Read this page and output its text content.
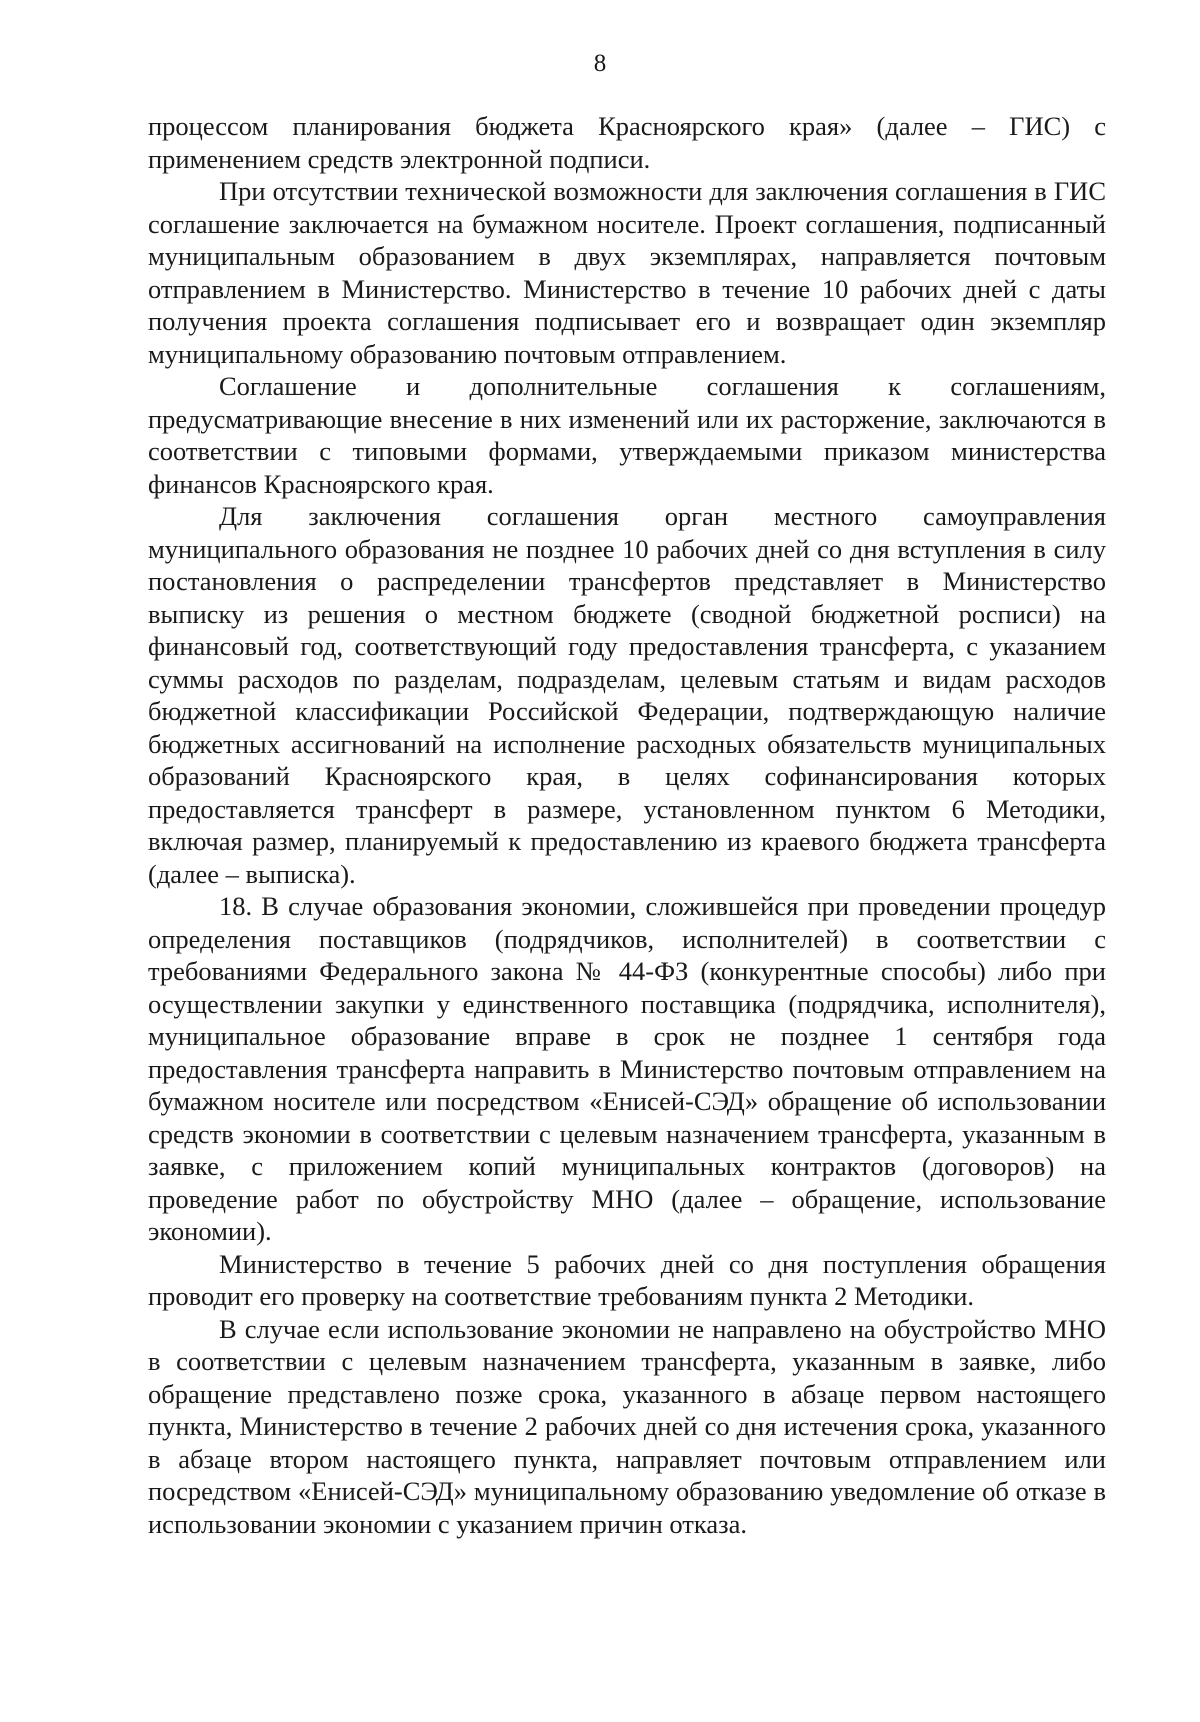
8

процессом планирования бюджета Красноярского края» (далее – ГИС) с применением средств электронной подписи.

При отсутствии технической возможности для заключения соглашения в ГИС соглашение заключается на бумажном носителе. Проект соглашения, подписанный муниципальным образованием в двух экземплярах, направляется почтовым отправлением в Министерство. Министерство в течение 10 рабочих дней с даты получения проекта соглашения подписывает его и возвращает один экземпляр муниципальному образованию почтовым отправлением.

Соглашение и дополнительные соглашения к соглашениям, предусматривающие внесение в них изменений или их расторжение, заключаются в соответствии с типовыми формами, утверждаемыми приказом министерства финансов Красноярского края.

Для заключения соглашения орган местного самоуправления муниципального образования не позднее 10 рабочих дней со дня вступления в силу постановления о распределении трансфертов представляет в Министерство выписку из решения о местном бюджете (сводной бюджетной росписи) на финансовый год, соответствующий году предоставления трансферта, с указанием суммы расходов по разделам, подразделам, целевым статьям и видам расходов бюджетной классификации Российской Федерации, подтверждающую наличие бюджетных ассигнований на исполнение расходных обязательств муниципальных образований Красноярского края, в целях софинансирования которых предоставляется трансферт в размере, установленном пунктом 6 Методики, включая размер, планируемый к предоставлению из краевого бюджета трансферта (далее – выписка).

18. В случае образования экономии, сложившейся при проведении процедур определения поставщиков (подрядчиков, исполнителей) в соответствии с требованиями Федерального закона № 44-ФЗ (конкурентные способы) либо при осуществлении закупки у единственного поставщика (подрядчика, исполнителя), муниципальное образование вправе в срок не позднее 1 сентября года предоставления трансферта направить в Министерство почтовым отправлением на бумажном носителе или посредством «Енисей-СЭД» обращение об использовании средств экономии в соответствии с целевым назначением трансферта, указанным в заявке, с приложением копий муниципальных контрактов (договоров) на проведение работ по обустройству МНО (далее – обращение, использование экономии).

Министерство в течение 5 рабочих дней со дня поступления обращения проводит его проверку на соответствие требованиям пункта 2 Методики.

В случае если использование экономии не направлено на обустройство МНО в соответствии с целевым назначением трансферта, указанным в заявке, либо обращение представлено позже срока, указанного в абзаце первом настоящего пункта, Министерство в течение 2 рабочих дней со дня истечения срока, указанного в абзаце втором настоящего пункта, направляет почтовым отправлением или посредством «Енисей-СЭД» муниципальному образованию уведомление об отказе в использовании экономии с указанием причин отказа.
